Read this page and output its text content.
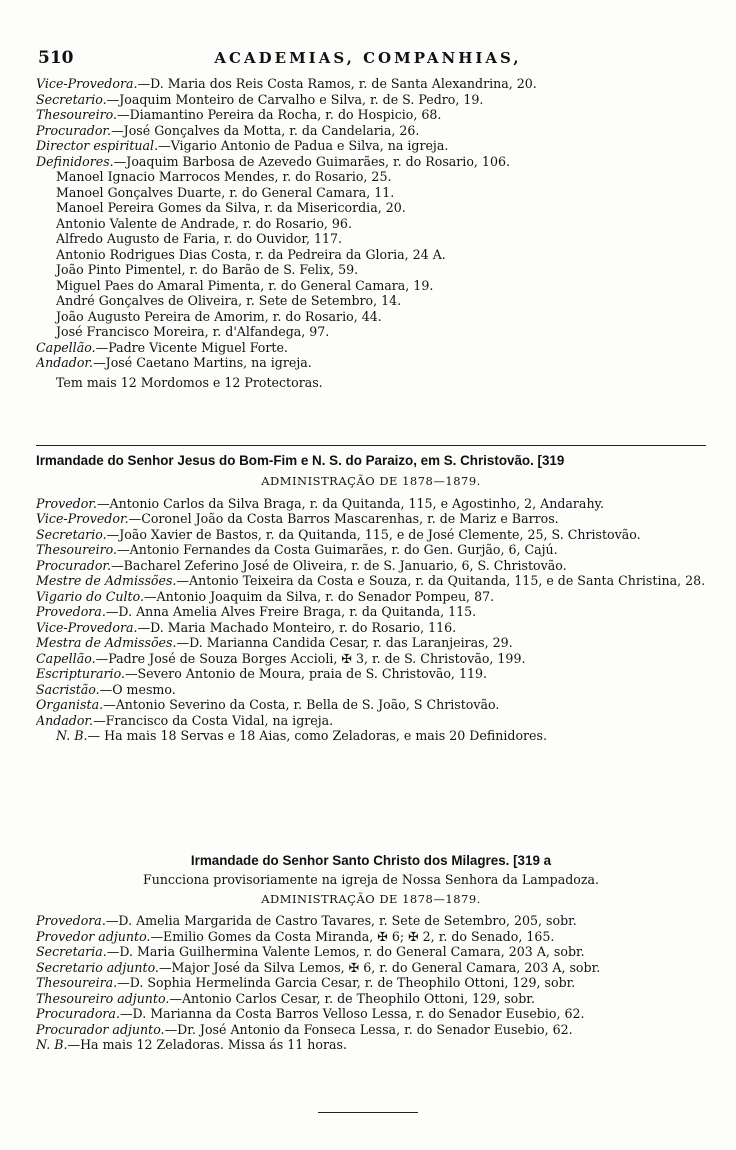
510	ACADEMIAS, COMPANHIAS,
Vice-Provedora.—D. Maria dos Reis Costa Ramos, r. de Santa Alexandrina, 20.
Secretario.—Joaquim Monteiro de Carvalho e Silva, r. de S. Pedro, 19.
Thesoureiro.—Diamantino Pereira da Rocha, r. do Hospicio, 68.
Procurador.—José Gonçalves da Motta, r. da Candelaria, 26.
Director espiritual.—Vigario Antonio de Padua e Silva, na igreja.
Definidores.—Joaquim Barbosa de Azevedo Guimarães, r. do Rosario, 106.
Manoel Ignacio Marrocos Mendes, r. do Rosario, 25.
Manoel Gonçalves Duarte, r. do General Camara, 11.
Manoel Pereira Gomes da Silva, r. da Misericordia, 20.
Antonio Valente de Andrade, r. do Rosario, 96.
Alfredo Augusto de Faria, r. do Ouvidor, 117.
Antonio Rodrigues Dias Costa, r. da Pedreira da Gloria, 24 A.
João Pinto Pimentel, r. do Barão de S. Felix, 59.
Miguel Paes do Amaral Pimenta, r. do General Camara, 19.
André Gonçalves de Oliveira, r. Sete de Setembro, 14.
João Augusto Pereira de Amorim, r. do Rosario, 44.
José Francisco Moreira, r. d'Alfandega, 97.
Capellão.—Padre Vicente Miguel Forte.
Andador.—José Caetano Martins, na igreja.
Tem mais 12 Mordomos e 12 Protectoras.
Irmandade do Senhor Jesus do Bom-Fim e N. S. do Paraizo, em S. Christovão. [319
ADMINISTRAÇÃO DE 1878—1879.
Provedor.—Antonio Carlos da Silva Braga, r. da Quitanda, 115, e Agostinho, 2, Andarahy.
Vice-Provedor.—Coronel João da Costa Barros Mascarenhas, r. de Mariz e Barros.
Secretario.—João Xavier de Bastos, r. da Quitanda, 115, e de José Clemente, 25, S. Christovão.
Thesoureiro.—Antonio Fernandes da Costa Guimarães, r. do Gen. Gurjão, 6, Cajú.
Procurador.—Bacharel Zeferino José de Oliveira, r. de S. Januario, 6, S. Christovão.
Mestre de Admissões.—Antonio Teixeira da Costa e Souza, r. da Quitanda, 115, e de Santa Christina, 28.
Vigario do Culto.—Antonio Joaquim da Silva, r. do Senador Pompeu, 87.
Provedora.—D. Anna Amelia Alves Freire Braga, r. da Quitanda, 115.
Vice-Provedora.—D. Maria Machado Monteiro, r. do Rosario, 116.
Mestra de Admissões.—D. Marianna Candida Cesar, r. das Laranjeiras, 29.
Capellão.—Padre José de Souza Borges Accioli, ✠ 3, r. de S. Christovão, 199.
Escripturario.—Severo Antonio de Moura, praia de S. Christovão, 119.
Sacristão.—O mesmo.
Organista.—Antonio Severino da Costa, r. Bella de S. João, S Christovão.
Andador.—Francisco da Costa Vidal, na igreja.
N. B.— Ha mais 18 Servas e 18 Aias, como Zeladoras, e mais 20 Definidores.
Irmandade do Senhor Santo Christo dos Milagres. [319 a
Funcciona provisoriamente na igreja de Nossa Senhora da Lampadoza.
ADMINISTRAÇÃO DE 1878—1879.
Provedora.—D. Amelia Margarida de Castro Tavares, r. Sete de Setembro, 205, sobr.
Provedor adjunto.—Emilio Gomes da Costa Miranda, ✠ 6; ✠ 2, r. do Senado, 165.
Secretaria.—D. Maria Guilhermina Valente Lemos, r. do General Camara, 203 A, sobr.
Secretario adjunto.—Major José da Silva Lemos, ✠ 6, r. do General Camara, 203 A, sobr.
Thesoureira.—D. Sophia Hermelinda Garcia Cesar, r. de Theophilo Ottoni, 129, sobr.
Thesoureiro adjunto.—Antonio Carlos Cesar, r. de Theophilo Ottoni, 129, sobr.
Procuradora.—D. Marianna da Costa Barros Velloso Lessa, r. do Senador Eusebio, 62.
Procurador adjunto.—Dr. José Antonio da Fonseca Lessa, r. do Senador Eusebio, 62.
N. B.—Ha mais 12 Zeladoras. Missa ás 11 horas.
